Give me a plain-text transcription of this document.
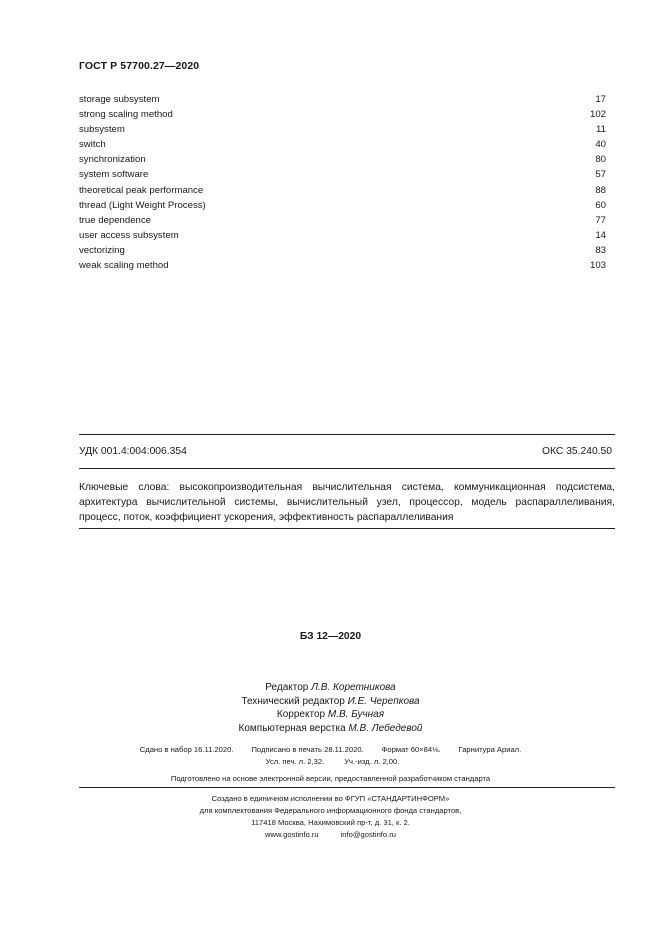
ГОСТ Р 57700.27—2020
storage subsystem	17
strong scaling method	102
subsystem	11
switch	40
synchronization	80
system software	57
theoretical peak performance	88
thread (Light Weight Process)	60
true dependence	77
user access subsystem	14
vectorizing	83
weak scaling method	103
УДК 001.4:004:006.354	ОКС 35.240.50
Ключевые слова: высокопроизводительная вычислительная система, коммуникационная подсистема, архитектура вычислительной системы, вычислительный узел, процессор, модель распараллеливания, процесс, поток, коэффициент ускорения, эффективность распараллеливания
БЗ 12—2020
Редактор Л.В. Коретникова
Технический редактор И.Е. Черепкова
Корректор М.В. Бучная
Компьютерная верстка М.В. Лебедевой
Сдано в набор 16.11.2020. Подписано в печать 28.11.2020. Формат 60×84⅛. Гарнитура Ариал.
Усл. печ. л. 2,32.	Уч.-изд. л. 2,00.
Подготовлено на основе электронной версии, предоставленной разработчиком стандарта
Создано в единичном исполнении во ФГУП «СТАНДАРТИНФОРМ»
для комплектования Федерального информационного фонда стандартов,
117418 Москва, Нахимовский пр-т, д. 31, к. 2.
www.gostinfo.ru	info@gostinfo.ru
